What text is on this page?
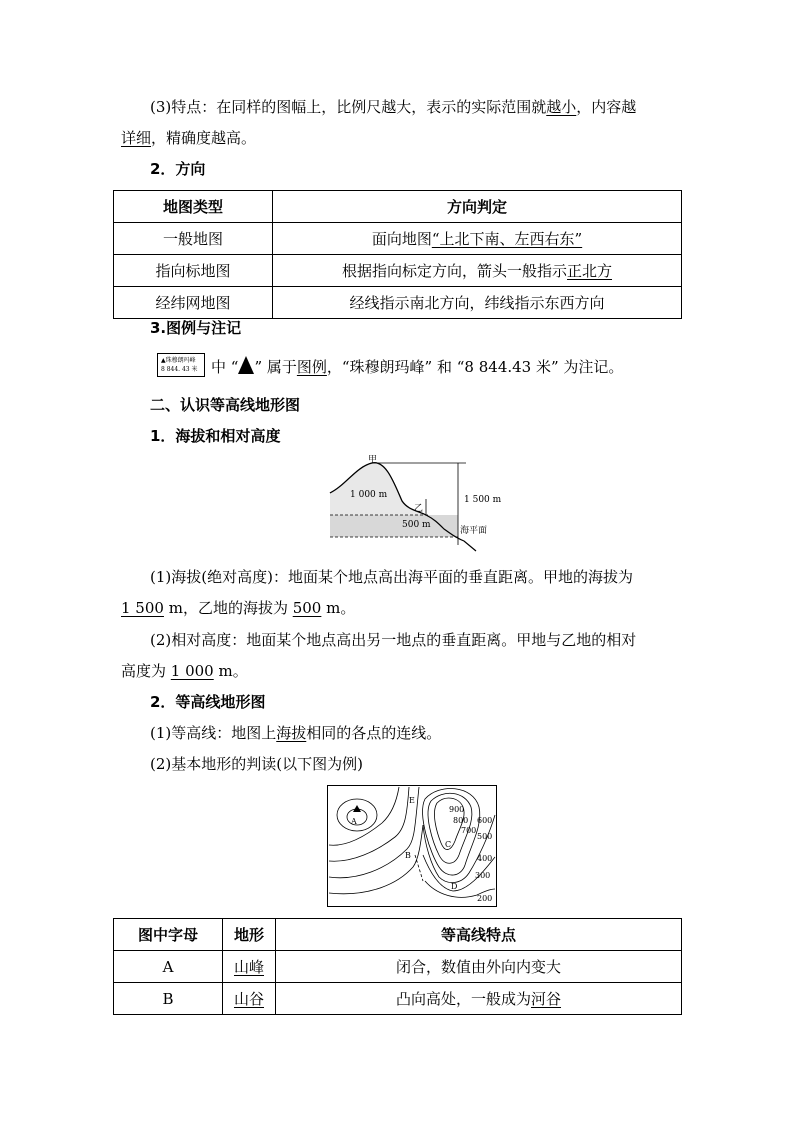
(3)特点：在同样的图幅上，比例尺越大，表示的实际范围就越小，内容越
详细，精确度越高。
2．方向
地图类型	方向判定
一般地图	面向地图“上北下南、左西右东”
指向标地图	根据指向标定方向，箭头一般指示正北方
经纬网地图	经线指示南北方向，纬线指示东西方向
3.图例与注记
▲珠穆朗玛峰
8 844. 43 米 中 “ ” 属于图例，“珠穆朗玛峰” 和 “8 844.43 米” 为注记。
二、认识等高线地形图
1．海拔和相对高度
甲
乙
1 000 m	1 500 m
500 m
海平面
(1)海拔(绝对高度)：地面某个地点高出海平面的垂直距离。甲地的海拔为
1 500 m，乙地的海拔为 500 m。
(2)相对高度：地面某个地点高出另一地点的垂直距离。甲地与乙地的相对
高度为 1 000 m。
2．等高线地形图
(1)等高线：地图上海拔相同的各点的连线。
(2)基本地形的判读(以下图为例)
A
B
C
D
E
900
800
700
600
500
400
300
200
图中字母	地形	等高线特点
A	山峰	闭合，数值由外向内变大
B	山谷	凸向高处，一般成为河谷
